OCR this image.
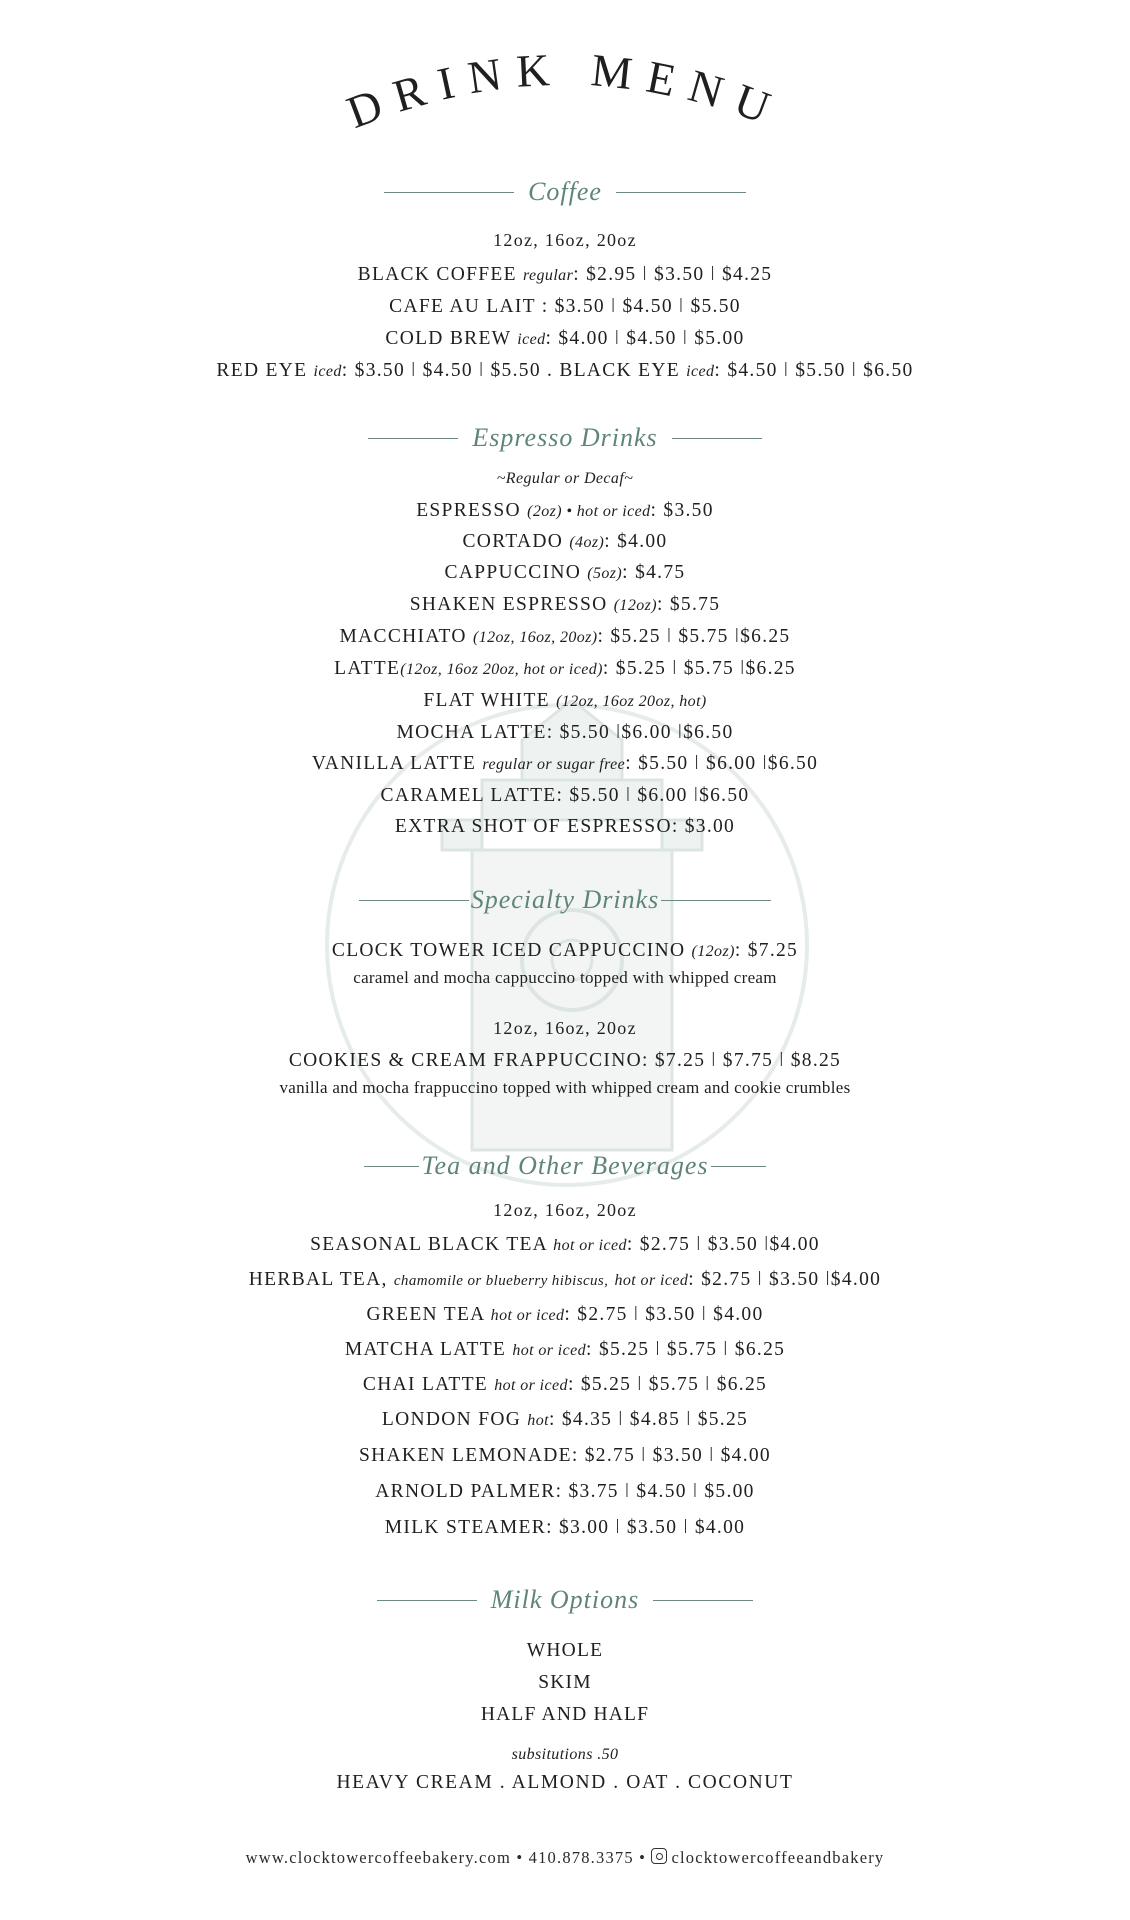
DRINK MENU
Coffee
12oz, 16oz, 20oz
BLACK COFFEE regular: $2.95 ǀ $3.50 ǀ $4.25
CAFE AU LAIT : $3.50 ǀ $4.50 ǀ $5.50
COLD BREW iced: $4.00 ǀ $4.50 ǀ $5.00
RED EYE iced: $3.50 ǀ $4.50 ǀ $5.50 . BLACK EYE iced: $4.50 ǀ $5.50 ǀ $6.50
Espresso Drinks
~Regular or Decaf~
ESPRESSO (2oz) • hot or iced: $3.50
CORTADO (4oz): $4.00
CAPPUCCINO (5oz): $4.75
SHAKEN ESPRESSO (12oz): $5.75
MACCHIATO (12oz, 16oz, 20oz): $5.25 ǀ $5.75 ǀ$6.25
LATTE(12oz, 16oz 20oz, hot or iced): $5.25 ǀ $5.75 ǀ$6.25
FLAT WHITE (12oz, 16oz 20oz, hot)
MOCHA LATTE: $5.50 ǀ$6.00 ǀ$6.50
VANILLA LATTE regular or sugar free: $5.50 ǀ $6.00 ǀ$6.50
CARAMEL LATTE: $5.50 ǀ $6.00 ǀ$6.50
EXTRA SHOT OF ESPRESSO: $3.00
Specialty Drinks
CLOCK TOWER ICED CAPPUCCINO (12oz): $7.25
caramel and mocha cappuccino topped with whipped cream
12oz, 16oz, 20oz
COOKIES & CREAM FRAPPUCCINO: $7.25 ǀ $7.75 ǀ $8.25
vanilla and mocha frappuccino topped with whipped cream and cookie crumbles
Tea and Other Beverages
12oz, 16oz, 20oz
SEASONAL BLACK TEA hot or iced: $2.75 ǀ $3.50 ǀ$4.00
HERBAL TEA, chamomile or blueberry hibiscus, hot or iced: $2.75 ǀ $3.50 ǀ$4.00
GREEN TEA hot or iced: $2.75 ǀ $3.50 ǀ $4.00
MATCHA LATTE hot or iced: $5.25 ǀ $5.75 ǀ $6.25
CHAI LATTE hot or iced: $5.25 ǀ $5.75 ǀ $6.25
LONDON FOG hot: $4.35 ǀ $4.85 ǀ $5.25
SHAKEN LEMONADE: $2.75 ǀ $3.50 ǀ $4.00
ARNOLD PALMER: $3.75 ǀ $4.50 ǀ $5.00
MILK STEAMER: $3.00 ǀ $3.50 ǀ $4.00
Milk Options
WHOLE
SKIM
HALF AND HALF
subsitutions .50
HEAVY CREAM . ALMOND . OAT . COCONUT
www.clocktowercoffeebakery.com • 410.878.3375 • clocktowercoffeeandbakery
